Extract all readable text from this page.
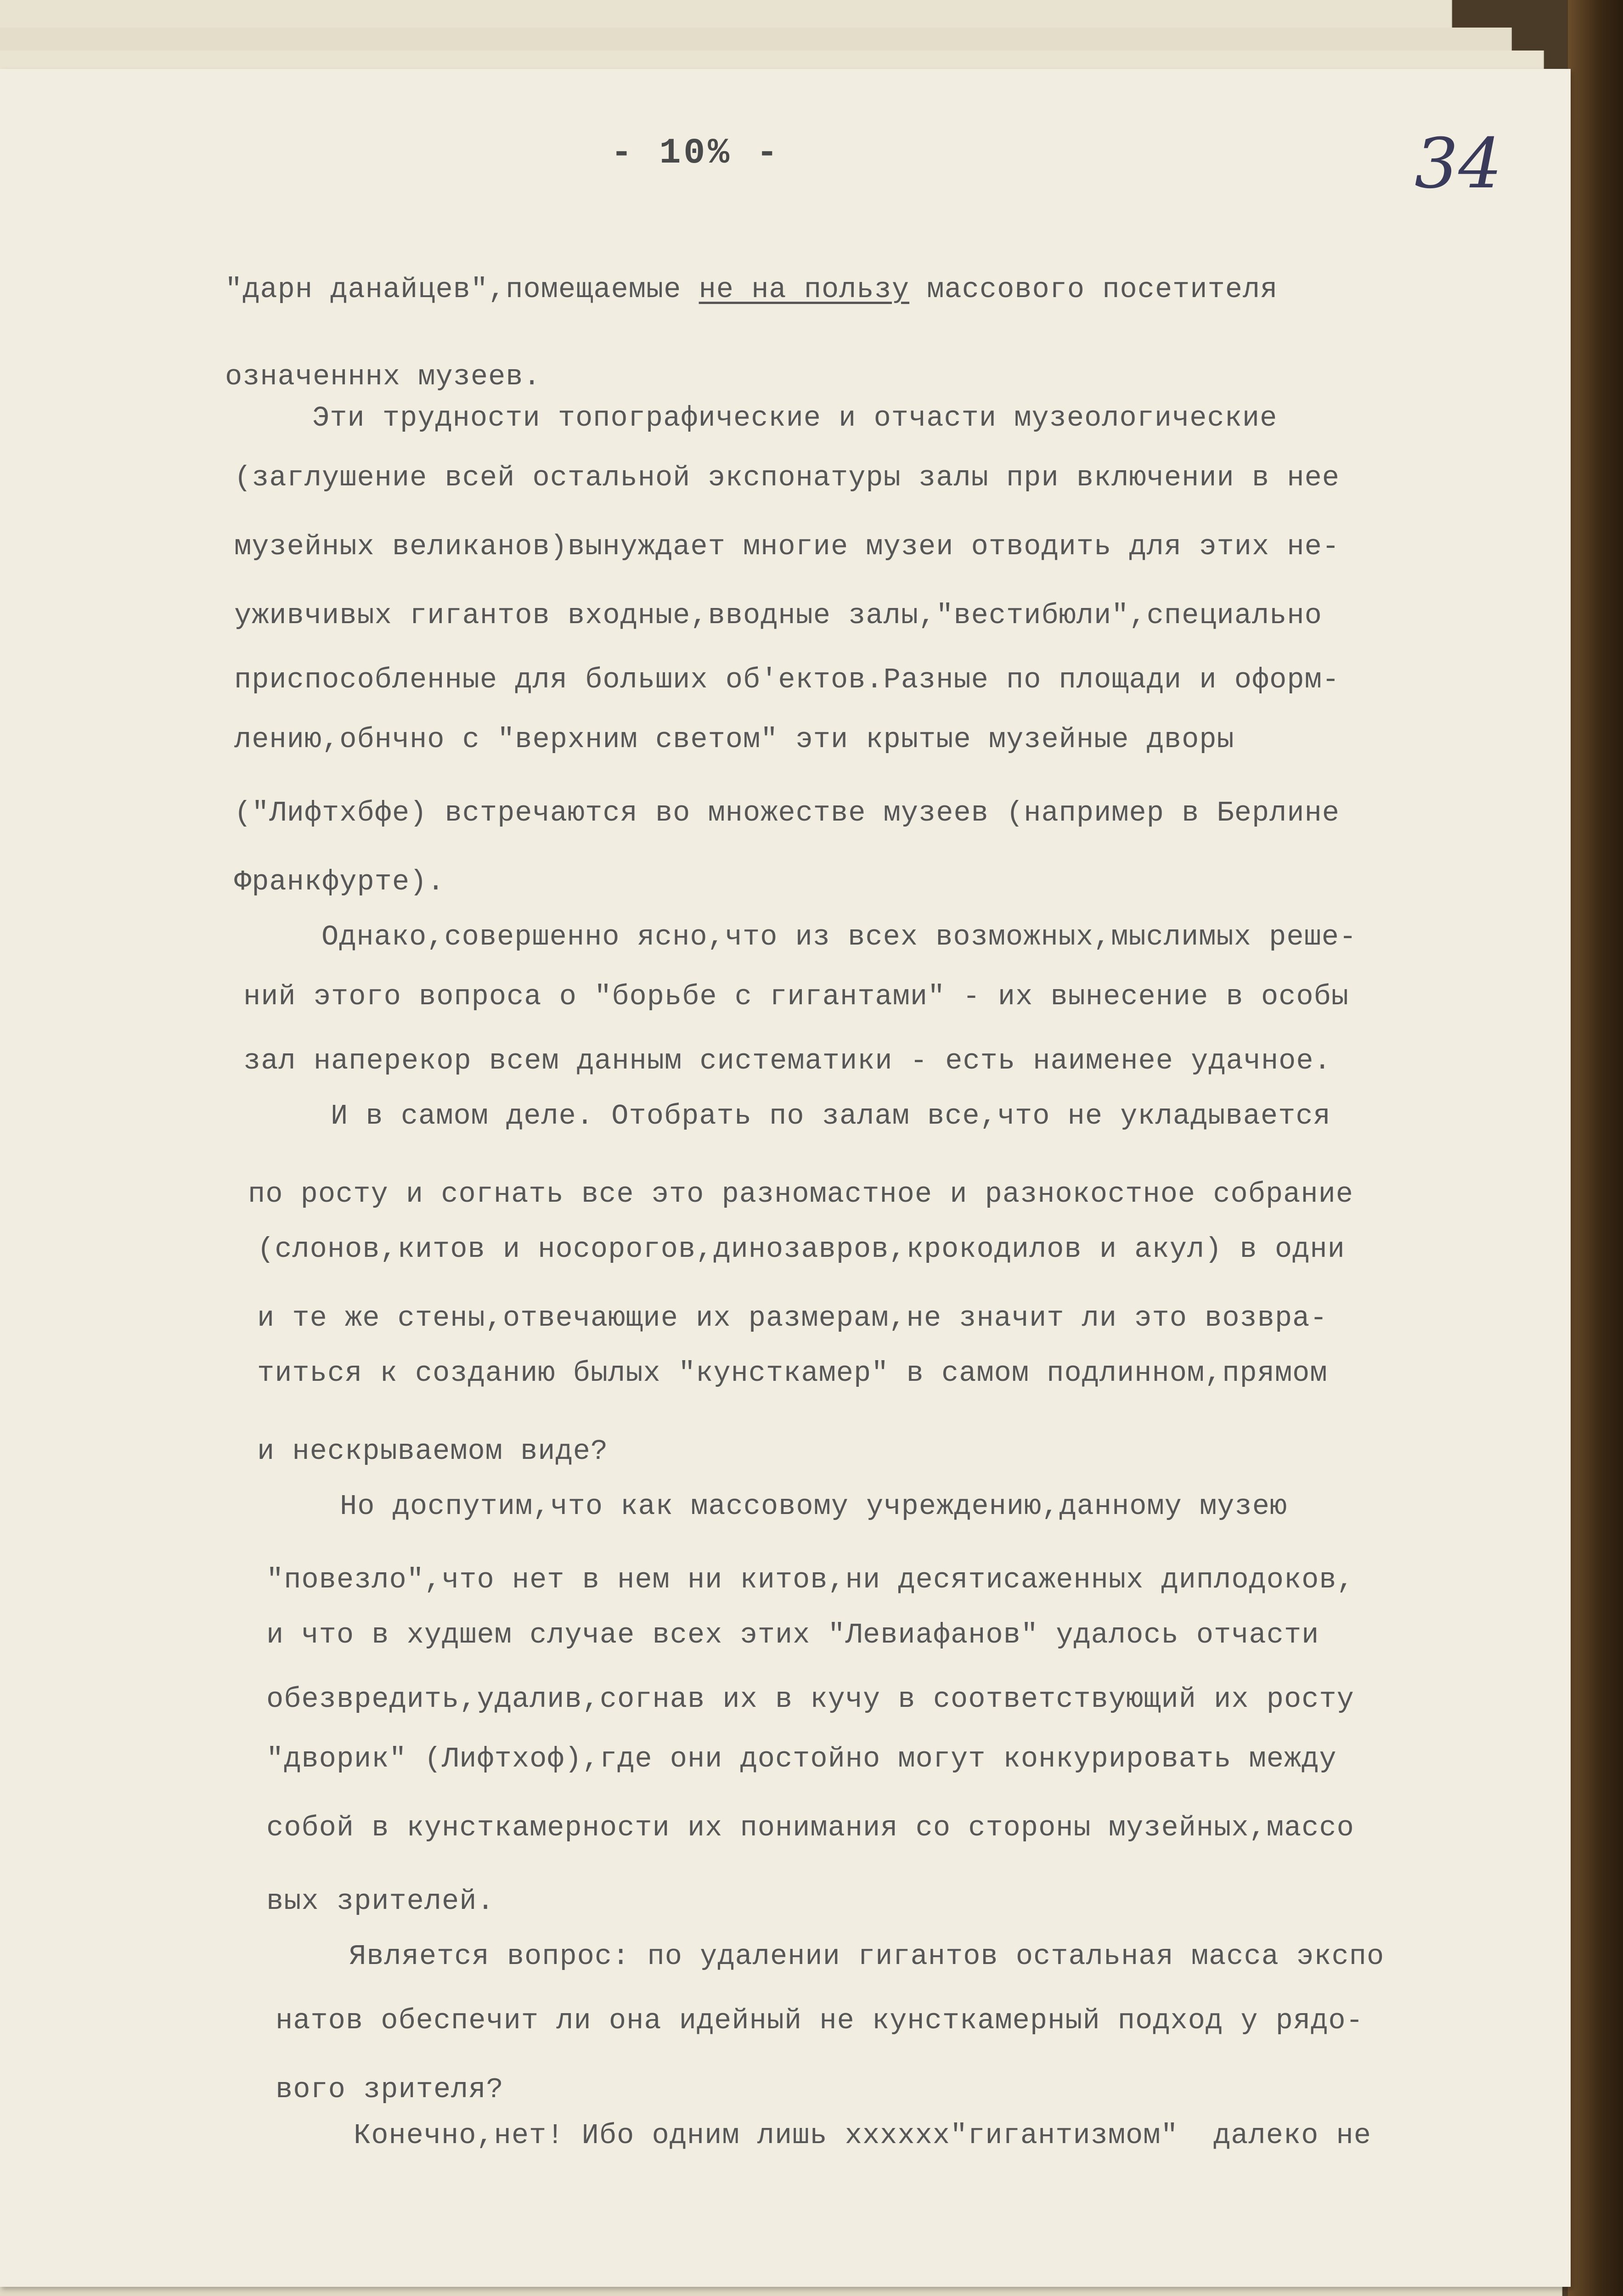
- 10% -	34
"дарн данайцев",помещаемые не на пользу массового посетителя
означенннх музеев.
Эти трудности топографические и отчасти музеологические
(заглушение всей остальной экспонатуры залы при включении в нее
музейных великанов)вынуждает многие музеи отводить для этих не-
уживчивых гигантов входные,вводные залы,"вестибюли",специально
приспособленные для больших об'ектов.Разные по площади и оформ-
лению,обнчно с "верхним светом" эти крытые музейные дворы
("Лифтхбфе) встречаются во множестве музеев (например в Берлине
Франкфурте).
Однако,совершенно ясно,что из всех возможных,мыслимых реше-
ний этого вопроса о "борьбе с гигантами" - их вынесение в особы
зал наперекор всем данным систематики - есть наименее удачное.
И в самом деле. Отобрать по залам все,что не укладывается
по росту и согнать все это разномастное и разнокостное собрание
(слонов,китов и носорогов,динозавров,крокодилов и акул) в одни
и те же стены,отвечающие их размерам,не значит ли это возвра-
титься к созданию былых "кунсткамер" в самом подлинном,прямом
и нескрываемом виде?
Но доспутим,что как массовому учреждению,данному музею
"повезло",что нет в нем ни китов,ни десятисаженных диплодоков,
и что в худшем случае всех этих "Левиафанов" удалось отчасти
обезвредить,удалив,согнав их в кучу в соответствующий их росту
"дворик" (Лифтхоф),где они достойно могут конкурировать между
собой в кунсткамерности их понимания со стороны музейных,массо
вых зрителей.
Является вопрос: по удалении гигантов остальная масса экспо
натов обеспечит ли она идейный не кунсткамерный подход у рядо-
вого зрителя?
Конечно,нет! Ибо одним лишь хххххх"гигантизмом"  далеко не
